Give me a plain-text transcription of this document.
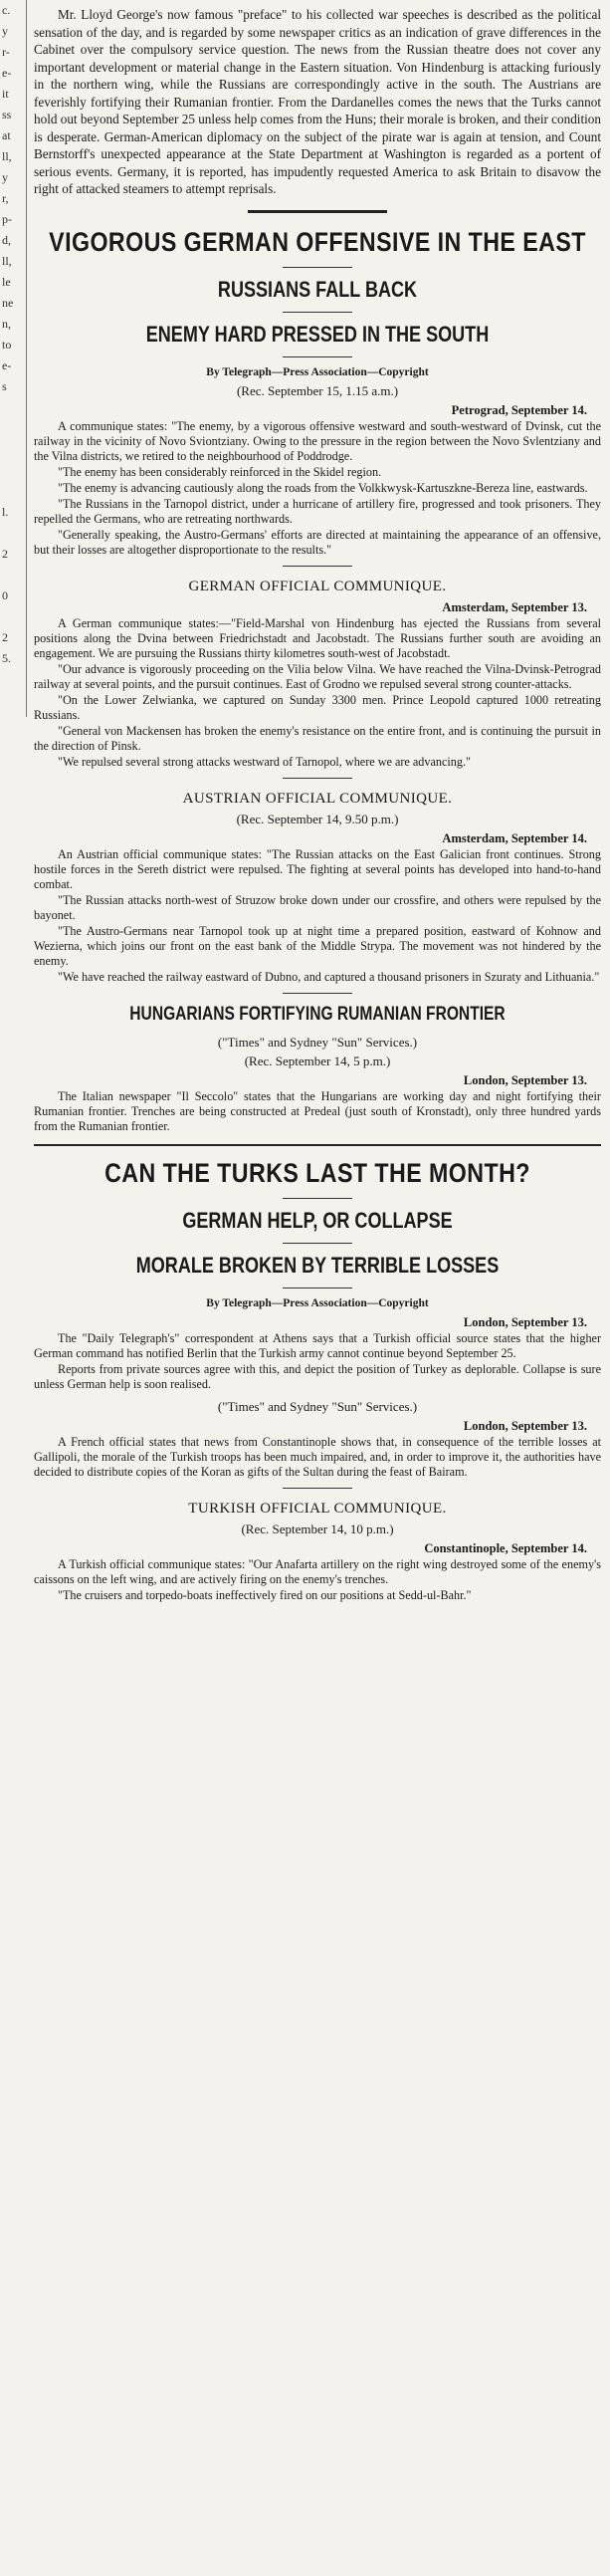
c.
y
r-
e-
it
ss
at
ll,
y
r,
p-
d,
ll,
le
ne
n,
to
e-
s

l.

2

0

2
5.

Mr. Lloyd George's now famous "preface" to his collected war speeches is described as the political sensation of the day, and is regarded by some newspaper critics as an indication of grave differences in the Cabinet over the compulsory service question. The news from the Russian theatre does not cover any important development or material change in the Eastern situation. Von Hindenburg is attacking furiously in the northern wing, while the Russians are correspondingly active in the south. The Austrians are feverishly fortifying their Rumanian frontier. From the Dardanelles comes the news that the Turks cannot hold out beyond September 25 unless help comes from the Huns; their morale is broken, and their condition is desperate. German-American diplomacy on the subject of the pirate war is again at tension, and Count Bernstorff's unexpected appearance at the State Department at Washington is regarded as a portent of serious events. Germany, it is reported, has impudently requested America to ask Britain to disavow the right of attacked steamers to attempt reprisals.

VIGOROUS GERMAN OFFENSIVE IN THE EAST
RUSSIANS FALL BACK
ENEMY HARD PRESSED IN THE SOUTH
By Telegraph—Press Association—Copyright
(Rec. September 15, 1.15 a.m.)
Petrograd, September 14.

A communique states: "The enemy, by a vigorous offensive westward and south-westward of Dvinsk, cut the railway in the vicinity of Novo Sviontziany. Owing to the pressure in the region between the Novo Svlentziany and the Vilna districts, we retired to the neighbourhood of Poddrodge.

"The enemy has been considerably reinforced in the Skidel region.

"The enemy is advancing cautiously along the roads from the Volkkwysk-Kartuszkne-Bereza line, eastwards.

"The Russians in the Tarnopol district, under a hurricane of artillery fire, progressed and took prisoners. They repelled the Germans, who are retreating northwards.

"Generally speaking, the Austro-Germans' efforts are directed at maintaining the appearance of an offensive, but their losses are altogether disproportionate to the results."

GERMAN OFFICIAL COMMUNIQUE.
Amsterdam, September 13.

A German communique states:—"Field-Marshal von Hindenburg has ejected the Russians from several positions along the Dvina between Friedrichstadt and Jacobstadt. The Russians further south are avoiding an engagement. We are pursuing the Russians thirty kilometres south-west of Jacobstadt.

"Our advance is vigorously proceeding on the Vilia below Vilna. We have reached the Vilna-Dvinsk-Petrograd railway at several points, and the pursuit continues. East of Grodno we repulsed several strong counter-attacks.

"On the Lower Zelwianka, we captured on Sunday 3300 men. Prince Leopold captured 1000 retreating Russians.

"General von Mackensen has broken the enemy's resistance on the entire front, and is continuing the pursuit in the direction of Pinsk.

"We repulsed several strong attacks westward of Tarnopol, where we are advancing."

AUSTRIAN OFFICIAL COMMUNIQUE.
(Rec. September 14, 9.50 p.m.)
Amsterdam, September 14.

An Austrian official communique states: "The Russian attacks on the East Galician front continues. Strong hostile forces in the Sereth district were repulsed. The fighting at several points has developed into hand-to-hand combat.

"The Russian attacks north-west of Struzow broke down under our crossfire, and others were repulsed by the bayonet.

"The Austro-Germans near Tarnopol took up at night time a prepared position, eastward of Kohnow and Wezierna, which joins our front on the east bank of the Middle Strypa. The movement was not hindered by the enemy.

"We have reached the railway eastward of Dubno, and captured a thousand prisoners in Szuraty and Lithuania."

HUNGARIANS FORTIFYING RUMANIAN FRONTIER
("Times" and Sydney "Sun" Services.)
(Rec. September 14, 5 p.m.)
London, September 13.

The Italian newspaper "Il Seccolo" states that the Hungarians are working day and night fortifying their Rumanian frontier. Trenches are being constructed at Predeal (just south of Kronstadt), only three hundred yards from the Rumanian frontier.

CAN THE TURKS LAST THE MONTH?
GERMAN HELP, OR COLLAPSE
MORALE BROKEN BY TERRIBLE LOSSES
By Telegraph—Press Association—Copyright
London, September 13.

The "Daily Telegraph's" correspondent at Athens says that a Turkish official source states that the higher German command has notified Berlin that the Turkish army cannot continue beyond September 25.

Reports from private sources agree with this, and depict the position of Turkey as deplorable. Collapse is sure unless German help is soon realised.

("Times" and Sydney "Sun" Services.)
London, September 13.

A French official states that news from Constantinople shows that, in consequence of the terrible losses at Gallipoli, the morale of the Turkish troops has been much impaired, and, in order to improve it, the authorities have decided to distribute copies of the Koran as gifts of the Sultan during the feast of Bairam.

TURKISH OFFICIAL COMMUNIQUE.
(Rec. September 14, 10 p.m.)
Constantinople, September 14.

A Turkish official communique states: "Our Anafarta artillery on the right wing destroyed some of the enemy's caissons on the left wing, and are actively firing on the enemy's trenches.

"The cruisers and torpedo-boats ineffectively fired on our positions at Sedd-ul-Bahr."
